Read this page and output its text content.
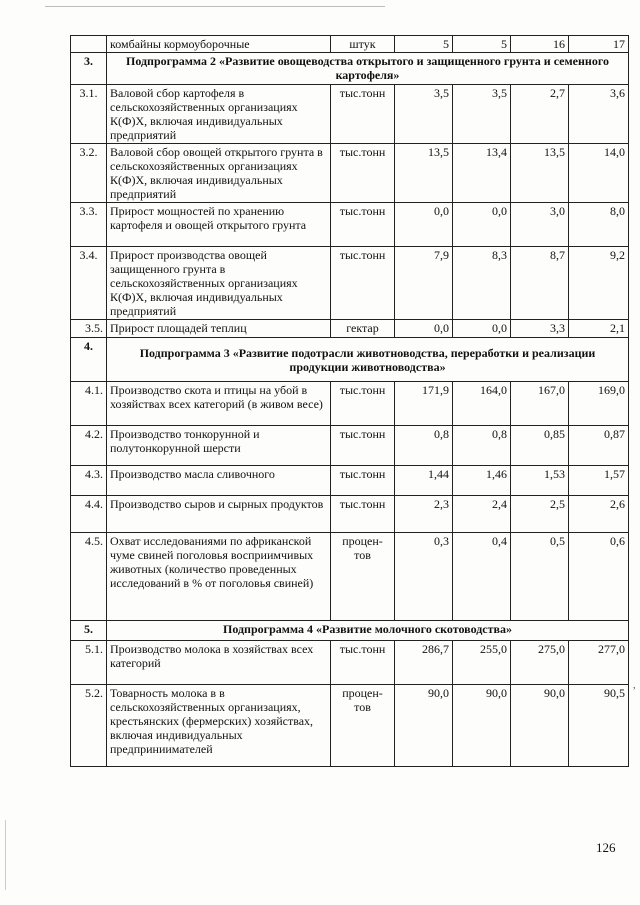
	комбайны кормоуборочные	штук	5	5	16	17
3.	Подпрограмма 2 «Развитие овощеводства открытого и защищенного грунта и семенного картофеля»					
3.1.	Валовой сбор картофеля в сельскохозяйственных организациях К(Ф)Х, включая индивидуальных предприятий	тыс.тонн	3,5	3,5	2,7	3,6
3.2.	Валовой сбор овощей открытого грунта в сельскохозяйственных организациях К(Ф)Х, включая индивидуальных предприятий	тыс.тонн	13,5	13,4	13,5	14,0
3.3.	Прирост мощностей по хранению картофеля и овощей открытого грунта	тыс.тонн	0,0	0,0	3,0	8,0
3.4.	Прирост производства овощей защищенного грунта в сельскохозяйственных организациях К(Ф)Х, включая индивидуальных предприятий	тыс.тонн	7,9	8,3	8,7	9,2
3.5.	Прирост площадей теплиц	гектар	0,0	0,0	3,3	2,1
4.	Подпрограмма 3 «Развитие подотрасли животноводства, переработки и реализации продукции животноводства»					
4.1.	Производство скота и птицы на убой в хозяйствах всех категорий (в живом весе)	тыс.тонн	171,9	164,0	167,0	169,0
4.2.	Производство тонкорунной и полутонкорунной шерсти	тыс.тонн	0,8	0,8	0,85	0,87
4.3.	Производство масла сливочного	тыс.тонн	1,44	1,46	1,53	1,57
4.4.	Производство сыров и сырных продуктов	тыс.тонн	2,3	2,4	2,5	2,6
4.5.	Охват исследованиями по африканской чуме свиней поголовья восприимчивых животных (количество проведенных исследований в % от поголовья свиней)	процен-тов	0,3	0,4	0,5	0,6
5.	Подпрограмма 4 «Развитие молочного скотоводства»					
5.1.	Производство молока в хозяйствах всех категорий	тыс.тонн	286,7	255,0	275,0	277,0
5.2.	Товарность молока в в сельскохозяйственных организациях, крестьянских (фермерских) хозяйствах, включая индивидуальных предприниимателей	процен-тов	90,0	90,0	90,0	90,5
,
126
